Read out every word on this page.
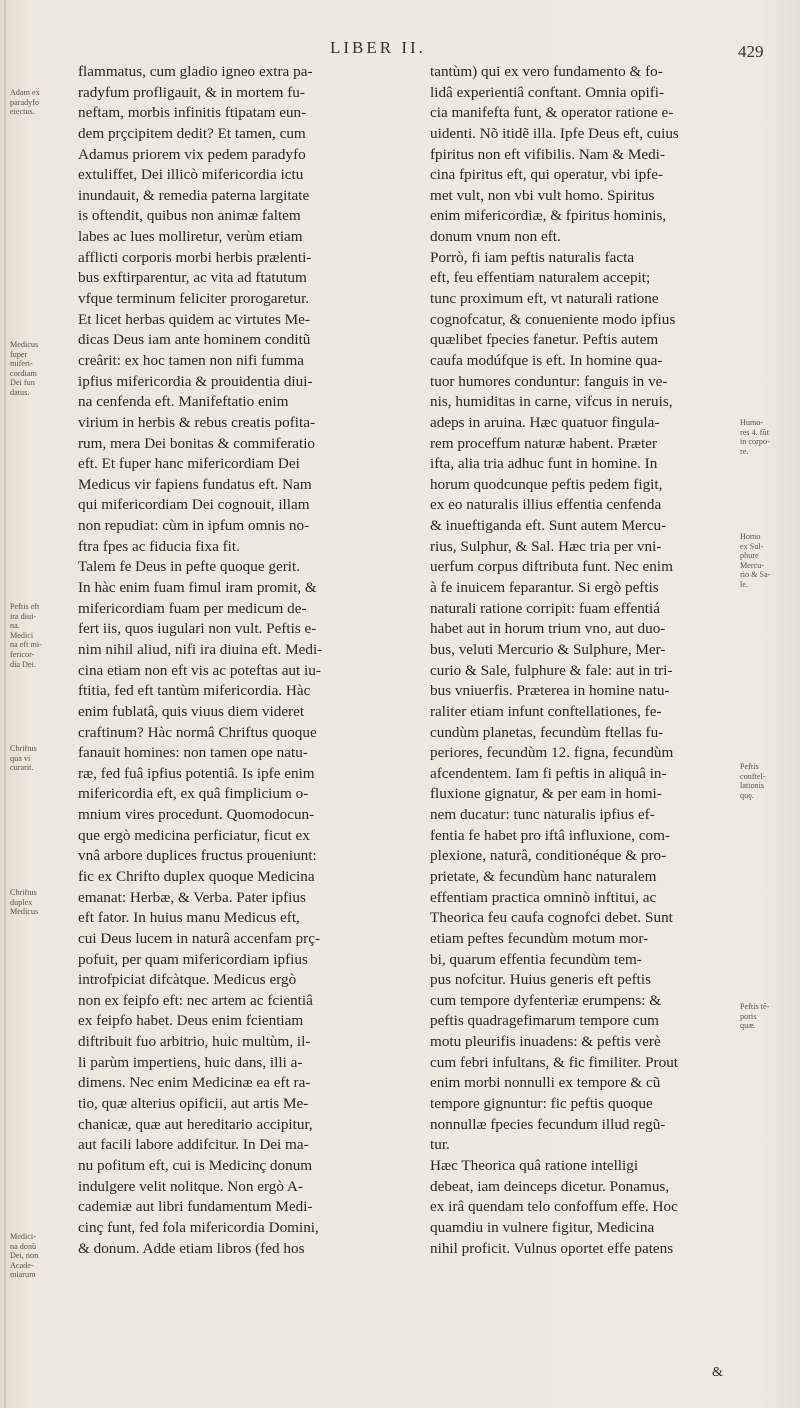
LIBER II.	429
flammatus, cum gladio igneo extra pa-
radyfum profligauit, & in mortem fu-
neftam, morbis infinitis ftipatam eun-
dem prçcipitem dedit? Et tamen, cum
Adamus priorem vix pedem paradyfo
extuliffet, Dei illicò mifericordia ictu
inundauit, & remedia paterna largitate
is oftendit, quibus non animæ faltem
labes ac lues molliretur, verùm etiam
afflicti corporis morbi herbis prælenti-
bus exftirparentur, ac vita ad ftatutum
vfque terminum feliciter prorogaretur.
Et licet herbas quidem ac virtutes Me-
dicas Deus iam ante hominem conditũ
creârit: ex hoc tamen non nifi fumma
ipfius mifericordia & prouidentia diui-
na cenfenda eft. Manifeftatio enim
virium in herbis & rebus creatis pofita-
rum, mera Dei bonitas & commiferatio
eft. Et fuper hanc mifericordiam Dei
Medicus vir fapiens fundatus eft. Nam
qui mifericordiam Dei cognouit, illam
non repudiat: cùm in ipfum omnis no-
ftra fpes ac fiducia fixa fit.
Talem fe Deus in pefte quoque gerit.
In hàc enim fuam fimul iram promit, &
mifericordiam fuam per medicum de-
fert iis, quos iugulari non vult. Peftis e-
nim nihil aliud, nifi ira diuina eft. Medi-
cina etiam non eft vis ac poteftas aut iu-
ftitia, fed eft tantùm mifericordia. Hàc
enim fublatâ, quis viuus diem videret
craftinum? Hàc normâ Chriftus quoque
fanauit homines: non tamen ope natu-
ræ, fed fuâ ipfius potentiâ. Is ipfe enim
mifericordia eft, ex quâ fimplicium o-
mnium vires procedunt. Quomodocun-
que ergò medicina perficiatur, ficut ex
vnâ arbore duplices fructus proueniunt:
fic ex Chrifto duplex quoque Medicina
emanat: Herbæ, & Verba. Pater ipfius
eft fator. In huius manu Medicus eft,
cui Deus lucem in naturâ accenfam prç-
pofuit, per quam mifericordiam ipfius
introfpiciat difcàtque. Medicus ergò
non ex feipfo eft: nec artem ac fcientiâ
ex feipfo habet. Deus enim fcientiam
diftribuit fuo arbitrio, huic multùm, il-
li parùm impertiens, huic dans, illi a-
dimens. Nec enim Medicinæ ea eft ra-
tio, quæ alterius opificii, aut artis Me-
chanicæ, quæ aut hereditario accipitur,
aut facili labore addifcitur. In Dei ma-
nu pofitum eft, cui is Medicinç donum
indulgere velit nolitque. Non ergò A-
cademiæ aut libri fundamentum Medi-
cinç funt, fed fola mifericordia Domini,
& donum. Adde etiam libros (fed hos
tantùm) qui ex vero fundamento & fo-
lidâ experientiâ conftant. Omnia opifi-
cia manifefta funt, & operator ratione e-
uidenti. Nõ itidẽ illa. Ipfe Deus eft, cuius
fpiritus non eft vifibilis. Nam & Medi-
cina fpiritus eft, qui operatur, vbi ipfe-
met vult, non vbi vult homo. Spiritus
enim mifericordiæ, & fpiritus hominis,
donum vnum non eft.
Porrò, fi iam peftis naturalis facta
eft, feu effentiam naturalem accepit;
tunc proximum eft, vt naturali ratione
cognofcatur, & conueniente modo ipfius
quælibet fpecies fanetur. Peftis autem
caufa modúfque is eft. In homine qua-
tuor humores conduntur: fanguis in ve-
nis, humiditas in carne, vifcus in neruis,
adeps in aruina. Hæc quatuor fingula-
rem proceffum naturæ habent. Præter
ifta, alia tria adhuc funt in homine. In
horum quodcunque peftis pedem figit,
ex eo naturalis illius effentia cenfenda
& inueftiganda eft. Sunt autem Mercu-
rius, Sulphur, & Sal. Hæc tria per vni-
uerfum corpus diftributa funt. Nec enim
à fe inuicem feparantur. Si ergò peftis
naturali ratione corripit: fuam effentiá
habet aut in horum trium vno, aut duo-
bus, veluti Mercurio & Sulphure, Mer-
curio & Sale, fulphure & fale: aut in tri-
bus vniuerfis. Præterea in homine natu-
raliter etiam infunt conftellationes, fe-
cundùm planetas, fecundùm ftellas fu-
periores, fecundùm 12. figna, fecundùm
afcendentem. Iam fi peftis in aliquâ in-
fluxione gignatur, & per eam in homi-
nem ducatur: tunc naturalis ipfius ef-
fentia fe habet pro iftâ influxione, com-
plexione, naturâ, conditionéque & pro-
prietate, & fecundùm hanc naturalem
effentiam practica omninò inftitui, ac
Theorica feu caufa cognofci debet. Sunt
etiam peftes fecundùm motum mor-
bi, quarum effentia fecundùm tem-
pus nofcitur. Huius generis eft peftis
cum tempore dyfenteriæ erumpens: &
peftis quadragefimarum tempore cum
motu pleurifis inuadens: & peftis verè
cum febri infultans, & fic fimiliter. Prout
enim morbi nonnulli ex tempore & cũ
tempore gignuntur: fic peftis quoque
nonnullæ fpecies fecundum illud regũ-
tur.
Hæc Theorica quâ ratione intelligi
debeat, iam deinceps dicetur. Ponamus,
ex irâ quendam telo confoffum effe. Hoc
quamdiu in vulnere figitur, Medicina
nihil proficit. Vulnus oportet effe patens
Adam ex
paradyfo
eiectus.
Medicus
fuper
miferi-
cordiam
Dei fun
datus.
Peftis eft
ira diui-
na.
Medici
na eft mi-
fericor-
dia Dei.
Chriftus
qua vi
curarit.
Chriftus
duplex
Medicus
Medici-
na donũ
Dei, non
Acade-
miarum
Humo-
res 4. fũt
in corpo-
re.
Homo
ex Sul-
phure
Mercu-
rio & Sa-
le.
Peftis
conftel-
lationis
quę.
Peftis tẽ-
poris
quæ.
&
